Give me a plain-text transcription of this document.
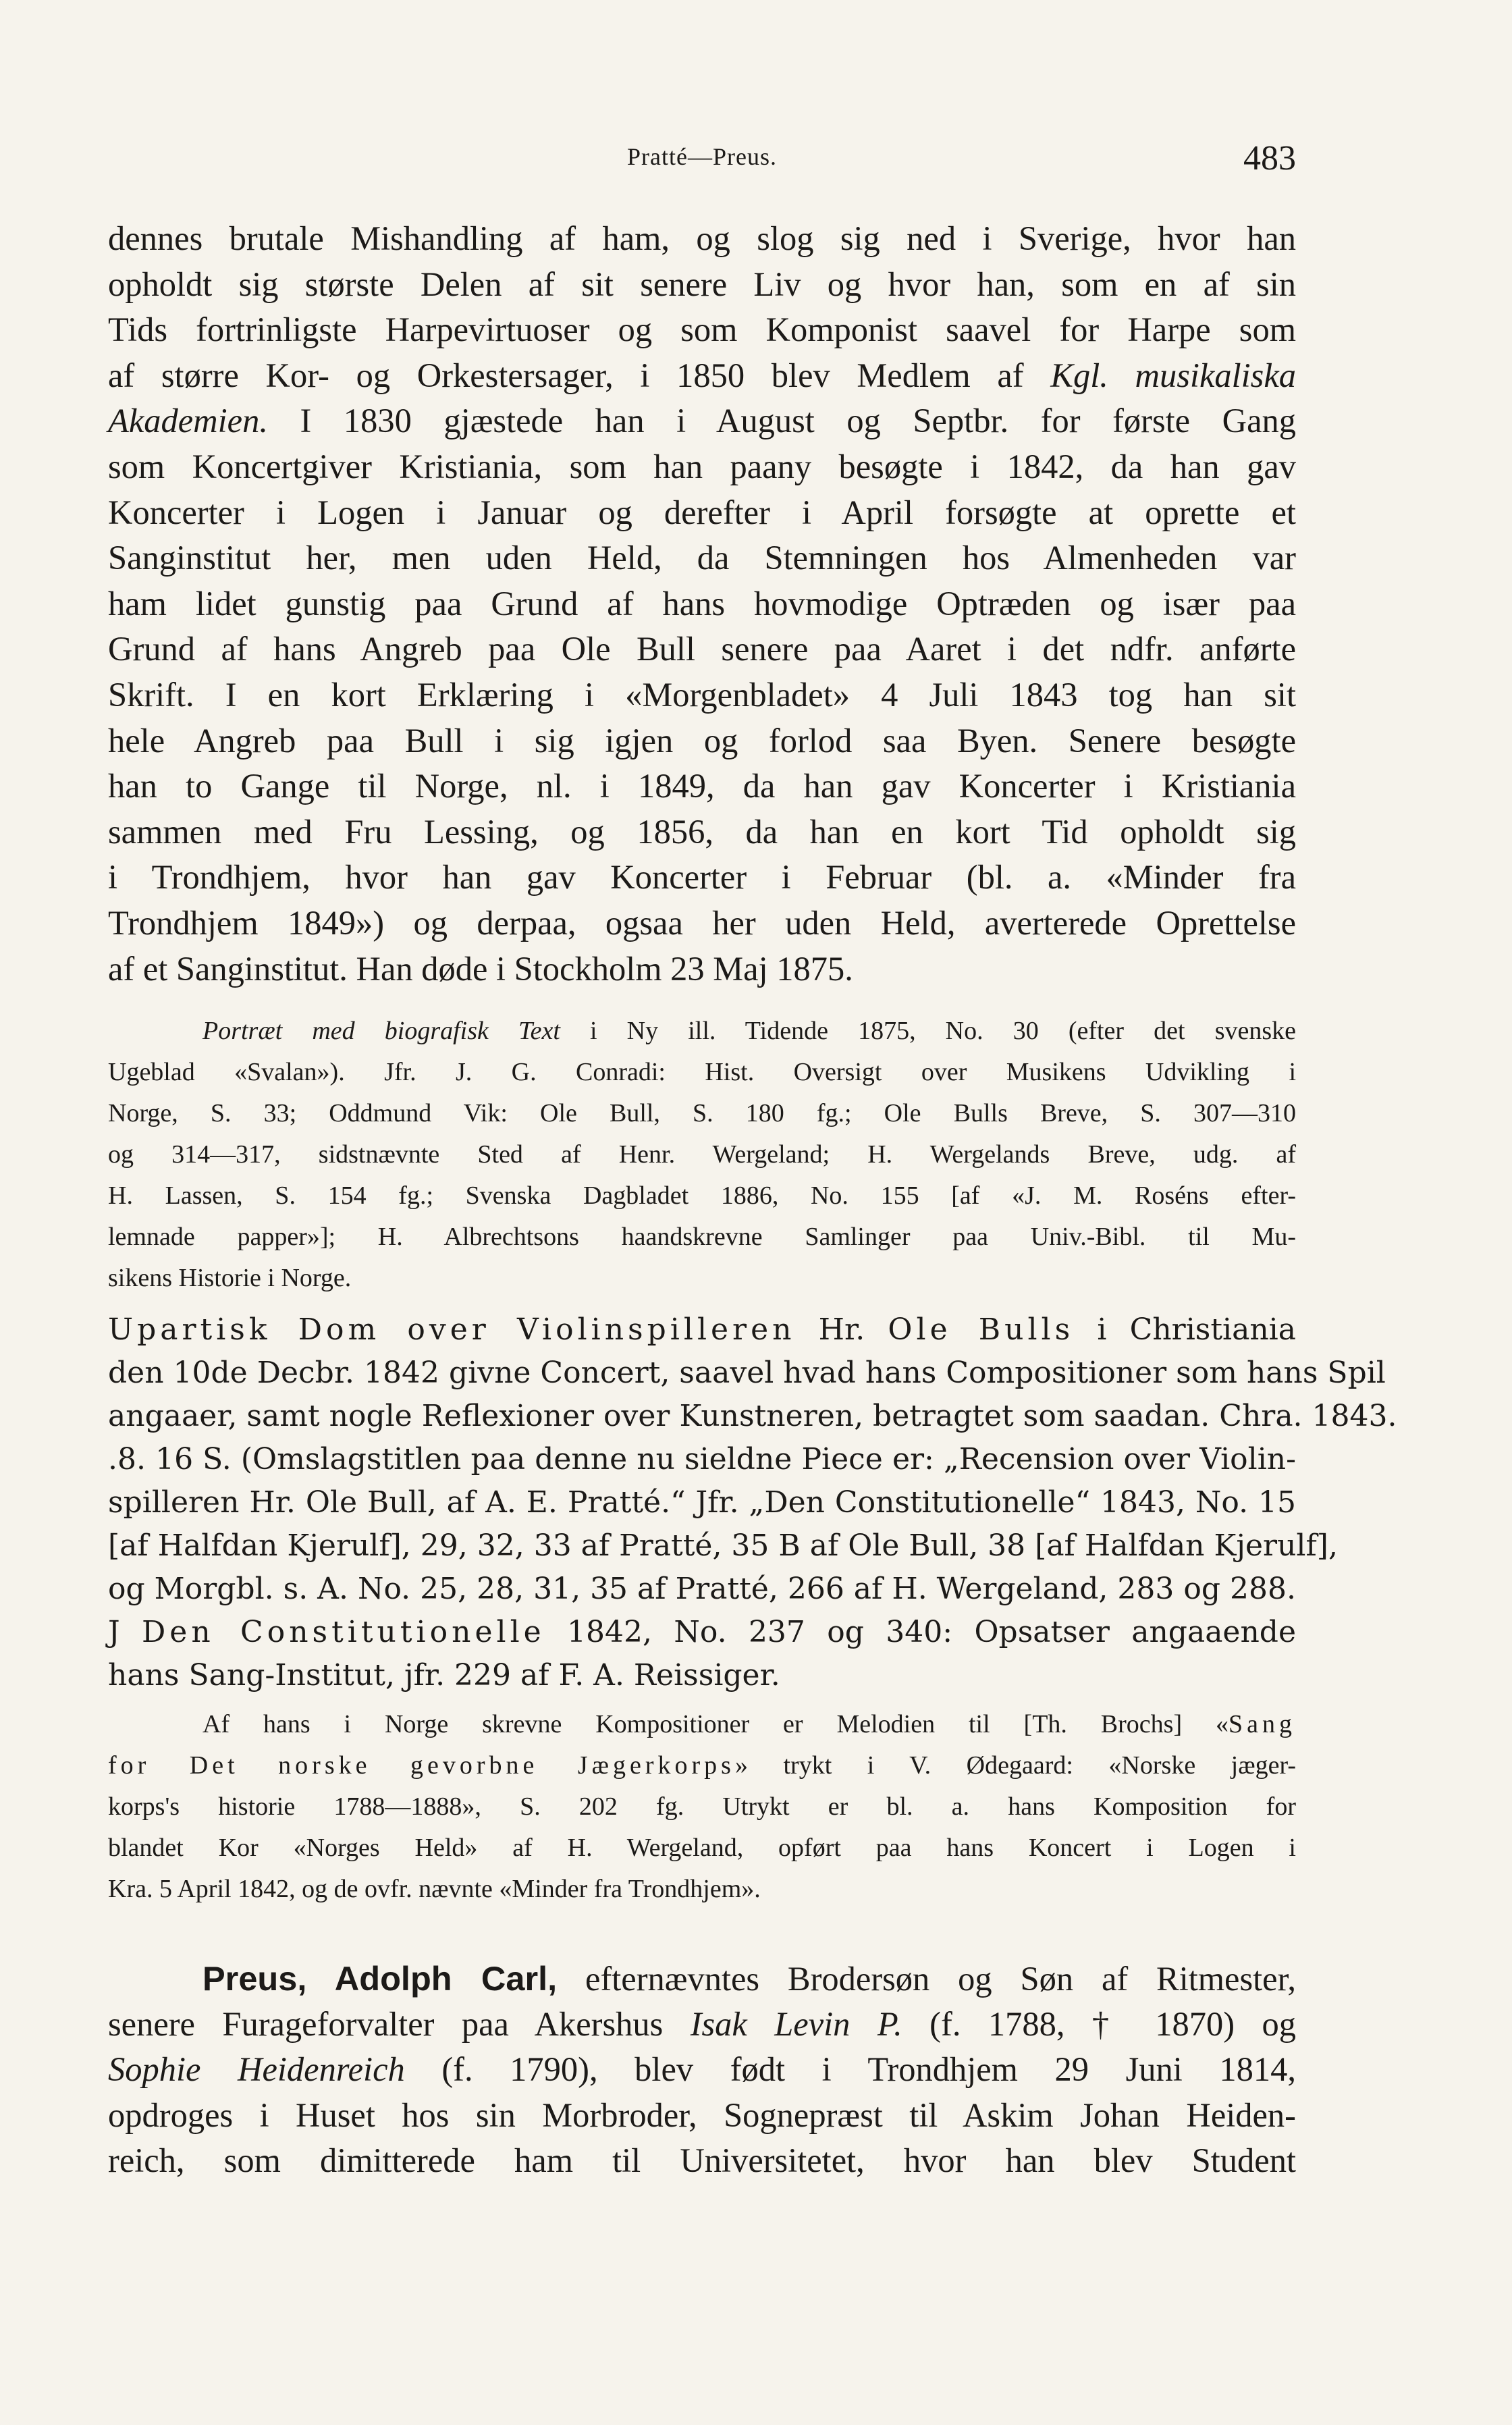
Pratté—Preus.	483
dennes brutale Mishandling af ham, og slog sig ned i Sverige, hvor han
opholdt sig største Delen af sit senere Liv og hvor han, som en af sin
Tids fortrinligste Harpevirtuoser og som Komponist saavel for Harpe som
af større Kor- og Orkestersager, i 1850 blev Medlem af Kgl. musikaliska
Akademien. I 1830 gjæstede han i August og Septbr. for første Gang
som Koncertgiver Kristiania, som han paany besøgte i 1842, da han gav
Koncerter i Logen i Januar og derefter i April forsøgte at oprette et
Sanginstitut her, men uden Held, da Stemningen hos Almenheden var
ham lidet gunstig paa Grund af hans hovmodige Optræden og især paa
Grund af hans Angreb paa Ole Bull senere paa Aaret i det ndfr. anførte
Skrift. I en kort Erklæring i «Morgenbladet» 4 Juli 1843 tog han sit
hele Angreb paa Bull i sig igjen og forlod saa Byen. Senere besøgte
han to Gange til Norge, nl. i 1849, da han gav Koncerter i Kristiania
sammen med Fru Lessing, og 1856, da han en kort Tid opholdt sig
i Trondhjem, hvor han gav Koncerter i Februar (bl. a. «Minder fra
Trondhjem 1849») og derpaa, ogsaa her uden Held, averterede Oprettelse
af et Sanginstitut. Han døde i Stockholm 23 Maj 1875.
Portræt med biografisk Text i Ny ill. Tidende 1875, No. 30 (efter det svenske
Ugeblad «Svalan»). Jfr. J. G. Conradi: Hist. Oversigt over Musikens Udvikling i
Norge, S. 33; Oddmund Vik: Ole Bull, S. 180 fg.; Ole Bulls Breve, S. 307—310
og 314—317, sidstnævnte Sted af Henr. Wergeland; H. Wergelands Breve, udg. af
H. Lassen, S. 154 fg.; Svenska Dagbladet 1886, No. 155 [af «J. M. Roséns efter-
lemnade papper»]; H. Albrechtsons haandskrevne Samlinger paa Univ.-Bibl. til Mu-
sikens Historie i Norge.
Upartisk Dom over Violinspilleren Hr. Ole Bulls i Christiania
den 10de Decbr. 1842 givne Concert, saavel hvad hans Compositioner som hans Spil
angaaer, samt nogle Reflexioner over Kunstneren, betragtet som saadan. Chra. 1843.
.8. 16 S. (Omslagstitlen paa denne nu sieldne Piece er: „Recension over Violin-
spilleren Hr. Ole Bull, af A. E. Pratté.“ Jfr. „Den Constitutionelle“ 1843, No. 15
[af Halfdan Kjerulf], 29, 32, 33 af Pratté, 35 B af Ole Bull, 38 [af Halfdan Kjerulf],
og Morgbl. s. A. No. 25, 28, 31, 35 af Pratté, 266 af H. Wergeland, 283 og 288.
J Den Constitutionelle 1842, No. 237 og 340: Opsatser angaaende
hans Sang-Institut, jfr. 229 af F. A. Reissiger.
Af hans i Norge skrevne Kompositioner er Melodien til [Th. Brochs] «Sang
for Det norske gevorbne Jægerkorps» trykt i V. Ødegaard: «Norske jæger-
korps's historie 1788—1888», S. 202 fg. Utrykt er bl. a. hans Komposition for
blandet Kor «Norges Held» af H. Wergeland, opført paa hans Koncert i Logen i
Kra. 5 April 1842, og de ovfr. nævnte «Minder fra Trondhjem».
Preus, Adolph Carl, efternævntes Brodersøn og Søn af Ritmester,
senere Furageforvalter paa Akershus Isak Levin P. (f. 1788, † 1870) og
Sophie Heidenreich (f. 1790), blev født i Trondhjem 29 Juni 1814,
opdroges i Huset hos sin Morbroder, Sognepræst til Askim Johan Heiden-
reich, som dimitterede ham til Universitetet, hvor han blev Student
